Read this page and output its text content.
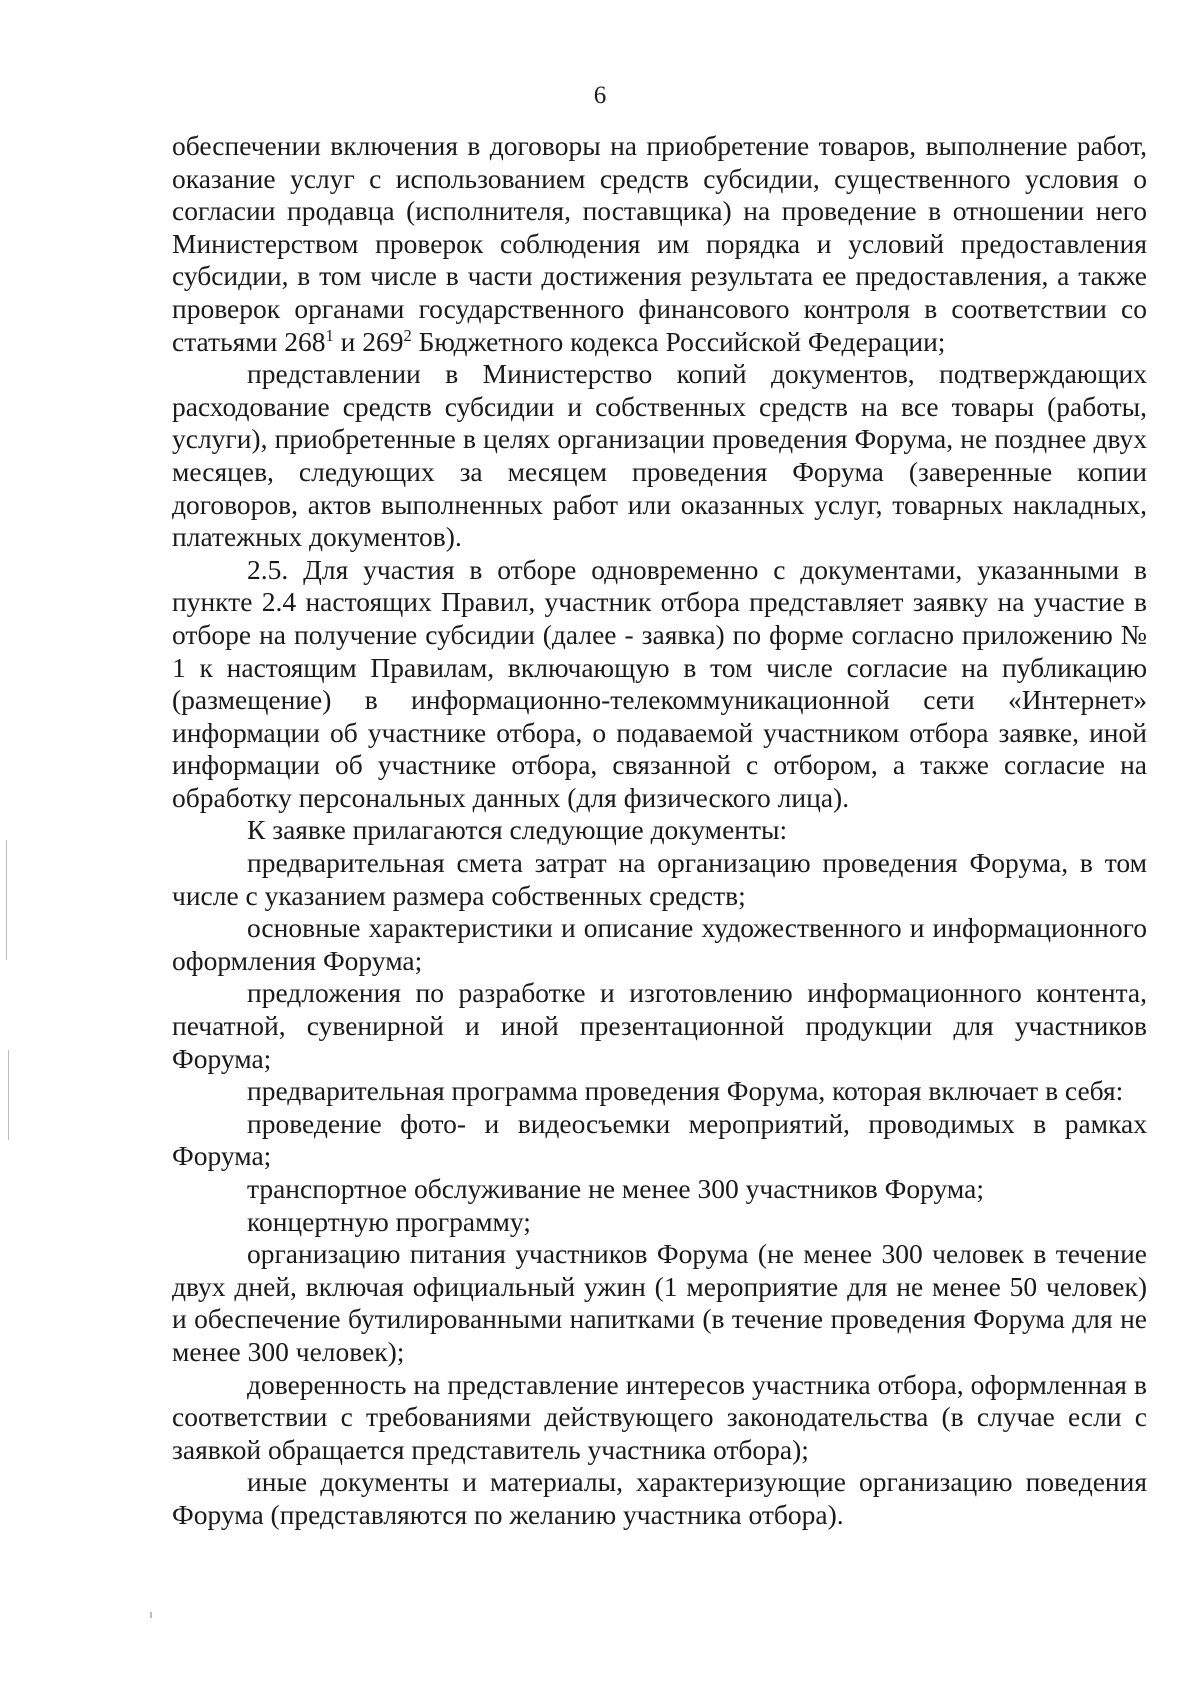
6

обеспечении включения в договоры на приобретение товаров, выполнение работ, оказание услуг с использованием средств субсидии, существенного условия о согласии продавца (исполнителя, поставщика) на проведение в отношении него Министерством проверок соблюдения им порядка и условий предоставления субсидии, в том числе в части достижения результата ее предоставления, а также проверок органами государственного финансового контроля в соответствии со статьями $268^1$ и $269^2$ Бюджетного кодекса Российской Федерации;

представлении в Министерство копий документов, подтверждающих расходование средств субсидии и собственных средств на все товары (работы, услуги), приобретенные в целях организации проведения Форума, не позднее двух месяцев, следующих за месяцем проведения Форума (заверенные копии договоров, актов выполненных работ или оказанных услуг, товарных накладных, платежных документов).

2.5. Для участия в отборе одновременно с документами, указанными в пункте 2.4 настоящих Правил, участник отбора представляет заявку на участие в отборе на получение субсидии (далее - заявка) по форме согласно приложению № 1 к настоящим Правилам, включающую в том числе согласие на публикацию (размещение) в информационно-телекоммуникационной сети «Интернет» информации об участнике отбора, о подаваемой участником отбора заявке, иной информации об участнике отбора, связанной с отбором, а также согласие на обработку персональных данных (для физического лица).

К заявке прилагаются следующие документы:

предварительная смета затрат на организацию проведения Форума, в том числе с указанием размера собственных средств;

основные характеристики и описание художественного и информационного оформления Форума;

предложения по разработке и изготовлению информационного контента, печатной, сувенирной и иной презентационной продукции для участников Форума;

предварительная программа проведения Форума, которая включает в себя:

проведение фото- и видеосъемки мероприятий, проводимых в рамках Форума;

транспортное обслуживание не менее 300 участников Форума;

концертную программу;

организацию питания участников Форума (не менее 300 человек в течение двух дней, включая официальный ужин (1 мероприятие для не менее 50 человек) и обеспечение бутилированными напитками (в течение проведения Форума для не менее 300 человек);

доверенность на представление интересов участника отбора, оформленная в соответствии с требованиями действующего законодательства (в случае если с заявкой обращается представитель участника отбора);

иные документы и материалы, характеризующие организацию поведения Форума (представляются по желанию участника отбора).
